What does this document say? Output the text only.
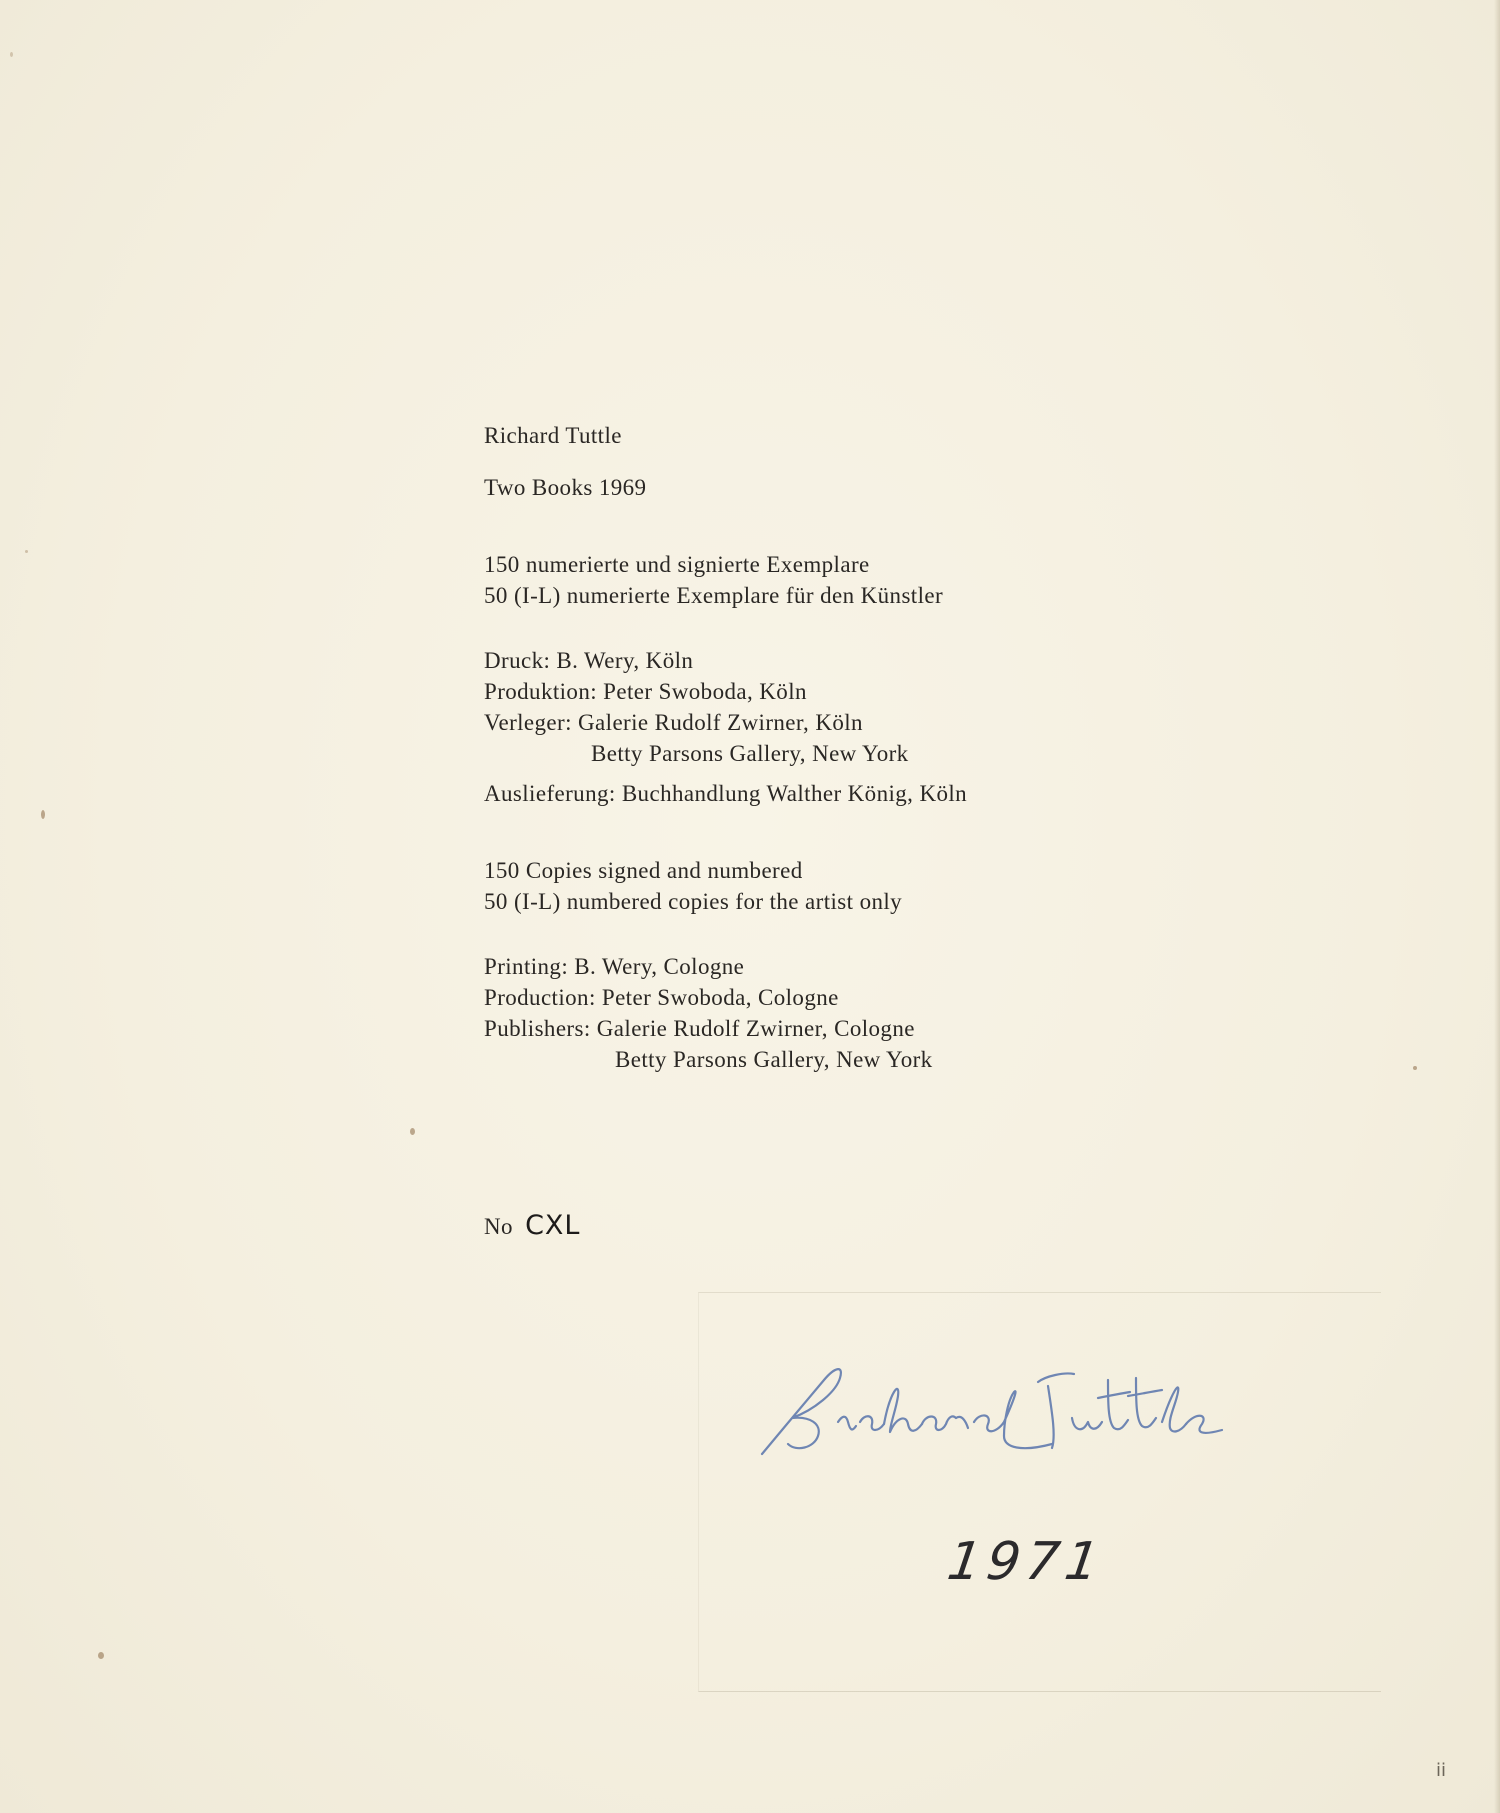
Richard Tuttle
Two Books 1969
150 numerierte und signierte Exemplare
50 (I-L) numerierte Exemplare für den Künstler
Druck: B. Wery, Köln
Produktion: Peter Swoboda, Köln
Verleger: Galerie Rudolf Zwirner, Köln
Betty Parsons Gallery, New York
Auslieferung: Buchhandlung Walther König, Köln
150 Copies signed and numbered
50 (I-L) numbered copies for the artist only
Printing: B. Wery, Cologne
Production: Peter Swoboda, Cologne
Publishers: Galerie Rudolf Zwirner, Cologne
Betty Parsons Gallery, New York
No CXL
1971
ii
